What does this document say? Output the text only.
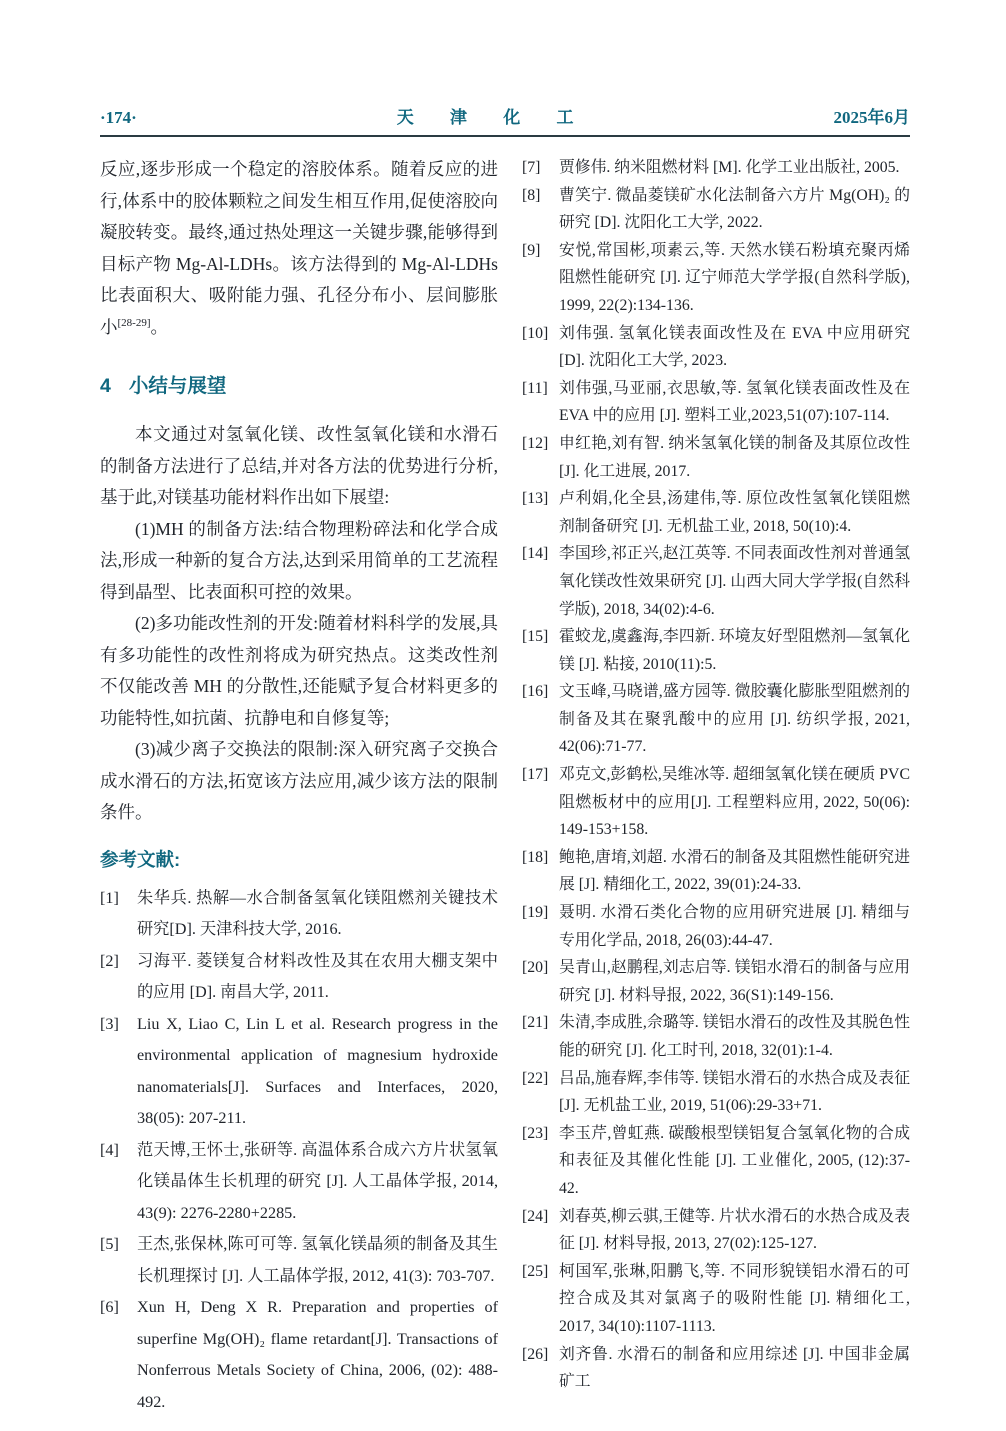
·174·	天 津 化 工	2025年6月

反应,逐步形成一个稳定的溶胶体系。随着反应的进行,体系中的胶体颗粒之间发生相互作用,促使溶胶向凝胶转变。最终,通过热处理这一关键步骤,能够得到目标产物 Mg-Al-LDHs。该方法得到的 Mg-Al-LDHs 比表面积大、吸附能力强、孔径分布小、层间膨胀小[28-29]。

4 小结与展望

本文通过对氢氧化镁、改性氢氧化镁和水滑石的制备方法进行了总结,并对各方法的优势进行分析,基于此,对镁基功能材料作出如下展望:

(1)MH 的制备方法:结合物理粉碎法和化学合成法,形成一种新的复合方法,达到采用简单的工艺流程得到晶型、比表面积可控的效果。

(2)多功能改性剂的开发:随着材料科学的发展,具有多功能性的改性剂将成为研究热点。这类改性剂不仅能改善 MH 的分散性,还能赋予复合材料更多的功能特性,如抗菌、抗静电和自修复等;

(3)减少离子交换法的限制:深入研究离子交换合成水滑石的方法,拓宽该方法应用,减少该方法的限制条件。

参考文献:
[1]	朱华兵. 热解—水合制备氢氧化镁阻燃剂关键技术研究[D]. 天津科技大学, 2016.
[2]	习海平. 菱镁复合材料改性及其在农用大棚支架中的应用 [D]. 南昌大学, 2011.
[3]	Liu X, Liao C, Lin L et al. Research progress in the environmental application of magnesium hydroxide nanomaterials[J]. Surfaces and Interfaces, 2020, 38(05): 207-211.
[4]	范天博,王怀士,张研等. 高温体系合成六方片状氢氧化镁晶体生长机理的研究 [J]. 人工晶体学报, 2014, 43(9): 2276-2280+2285.
[5]	王杰,张保林,陈可可等. 氢氧化镁晶须的制备及其生长机理探讨 [J]. 人工晶体学报, 2012, 41(3): 703-707.
[6]	Xun H, Deng X R. Preparation and properties of superfine Mg(OH)₂ flame retardant[J]. Transactions of Nonferrous Metals Society of China, 2006, (02): 488-492.
[7]	贾修伟. 纳米阻燃材料 [M]. 化学工业出版社, 2005.
[8]	曹笑宁. 微晶菱镁矿水化法制备六方片 Mg(OH)₂ 的研究 [D]. 沈阳化工大学, 2022.
[9]	安悦,常国彬,项素云,等. 天然水镁石粉填充聚丙烯阻燃性能研究 [J]. 辽宁师范大学学报(自然科学版), 1999, 22(2):134-136.
[10] 刘伟强. 氢氧化镁表面改性及在 EVA 中应用研究 [D]. 沈阳化工大学, 2023.
[11] 刘伟强,马亚丽,衣思敏,等. 氢氧化镁表面改性及在 EVA 中的应用 [J]. 塑料工业,2023,51(07):107-114.
[12] 申红艳,刘有智. 纳米氢氧化镁的制备及其原位改性 [J]. 化工进展, 2017.
[13] 卢利娟,化全县,汤建伟,等. 原位改性氢氧化镁阻燃剂制备研究 [J]. 无机盐工业, 2018, 50(10):4.
[14] 李国珍,祁正兴,赵江英等. 不同表面改性剂对普通氢氧化镁改性效果研究 [J]. 山西大同大学学报(自然科学版), 2018, 34(02):4-6.
[15] 霍蛟龙,虞鑫海,李四新. 环境友好型阻燃剂—氢氧化镁 [J]. 粘接, 2010(11):5.
[16] 文玉峰,马晓谱,盛方园等. 微胶囊化膨胀型阻燃剂的制备及其在聚乳酸中的应用 [J]. 纺织学报, 2021, 42(06):71-77.
[17] 邓克文,彭鹤松,吴维冰等. 超细氢氧化镁在硬质 PVC 阻燃板材中的应用[J]. 工程塑料应用, 2022, 50(06): 149-153+158.
[18] 鲍艳,唐堉,刘超. 水滑石的制备及其阻燃性能研究进展 [J]. 精细化工, 2022, 39(01):24-33.
[19] 聂明. 水滑石类化合物的应用研究进展 [J]. 精细与专用化学品, 2018, 26(03):44-47.
[20] 吴青山,赵鹏程,刘志启等. 镁铝水滑石的制备与应用研究 [J]. 材料导报, 2022, 36(S1):149-156.
[21] 朱清,李成胜,佘璐等. 镁铝水滑石的改性及其脱色性能的研究 [J]. 化工时刊, 2018, 32(01):1-4.
[22] 吕品,施春辉,李伟等. 镁铝水滑石的水热合成及表征 [J]. 无机盐工业, 2019, 51(06):29-33+71.
[23] 李玉芹,曾虹燕. 碳酸根型镁铝复合氢氧化物的合成和表征及其催化性能 [J]. 工业催化, 2005, (12):37-42.
[24] 刘春英,柳云骐,王健等. 片状水滑石的水热合成及表征 [J]. 材料导报, 2013, 27(02):125-127.
[25] 柯国军,张琳,阳鹏飞,等. 不同形貌镁铝水滑石的可控合成及其对氯离子的吸附性能 [J]. 精细化工, 2017, 34(10):1107-1113.
[26] 刘齐鲁. 水滑石的制备和应用综述 [J]. 中国非金属矿工
